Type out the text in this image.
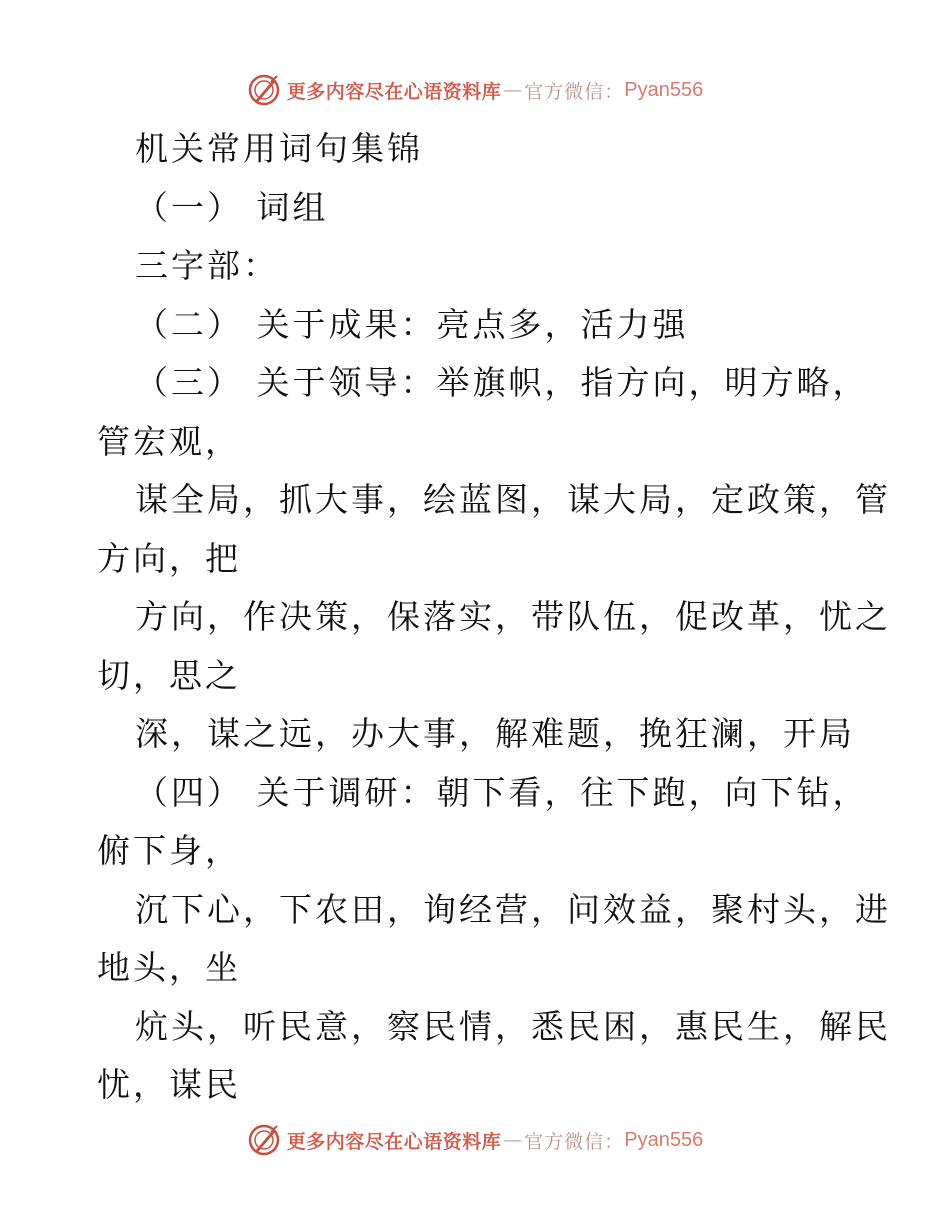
更多内容尽在心语资料库 — 官方微信： Pyan556
机关常用词句集锦
（一） 词组
三字部：
（二） 关于成果：亮点多，活力强
（三） 关于领导：举旗帜，指方向，明方略，
管宏观，
谋全局，抓大事，绘蓝图，谋大局，定政策，管
方向，把
方向，作决策，保落实，带队伍，促改革，忧之
切，思之
深，谋之远，办大事，解难题，挽狂澜，开局
（四） 关于调研：朝下看，往下跑，向下钻，
俯下身，
沉下心，下农田，询经营，问效益，聚村头，进
地头，坐
炕头，听民意，察民情，悉民困，惠民生，解民
忧，谋民
更多内容尽在心语资料库 — 官方微信： Pyan556
